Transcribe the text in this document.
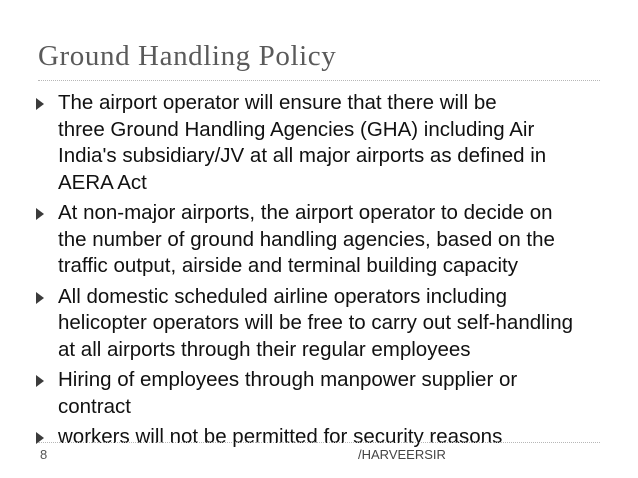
Ground Handling Policy
The airport operator will ensure that there will be
three Ground Handling Agencies (GHA) including Air
India's subsidiary/JV at all major airports as defined in
AERA Act
At non-major airports, the airport operator to decide on
the number of ground handling agencies, based on the
traffic output, airside and terminal building capacity
All domestic scheduled airline operators including
helicopter operators will be free to carry out self-handling
at all airports through their regular employees
Hiring of employees through manpower supplier or
contract
workers will not be permitted for security reasons
8	/HARVEERSIR
